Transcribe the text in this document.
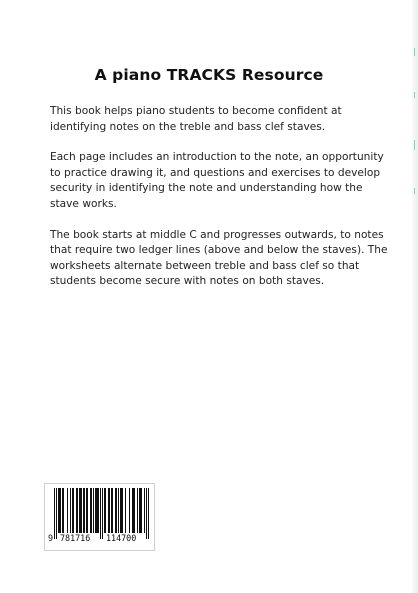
A piano TRACKS Resource

This book helps piano students to become confident at identifying notes on the treble and bass clef staves.

Each page includes an introduction to the note, an opportunity to practice drawing it, and questions and exercises to develop security in identifying the note and understanding how the stave works.

The book starts at middle C and progresses outwards, to notes that require two ledger lines (above and below the staves). The worksheets alternate between treble and bass clef so that students become secure with notes on both staves.

9 781716 114700
